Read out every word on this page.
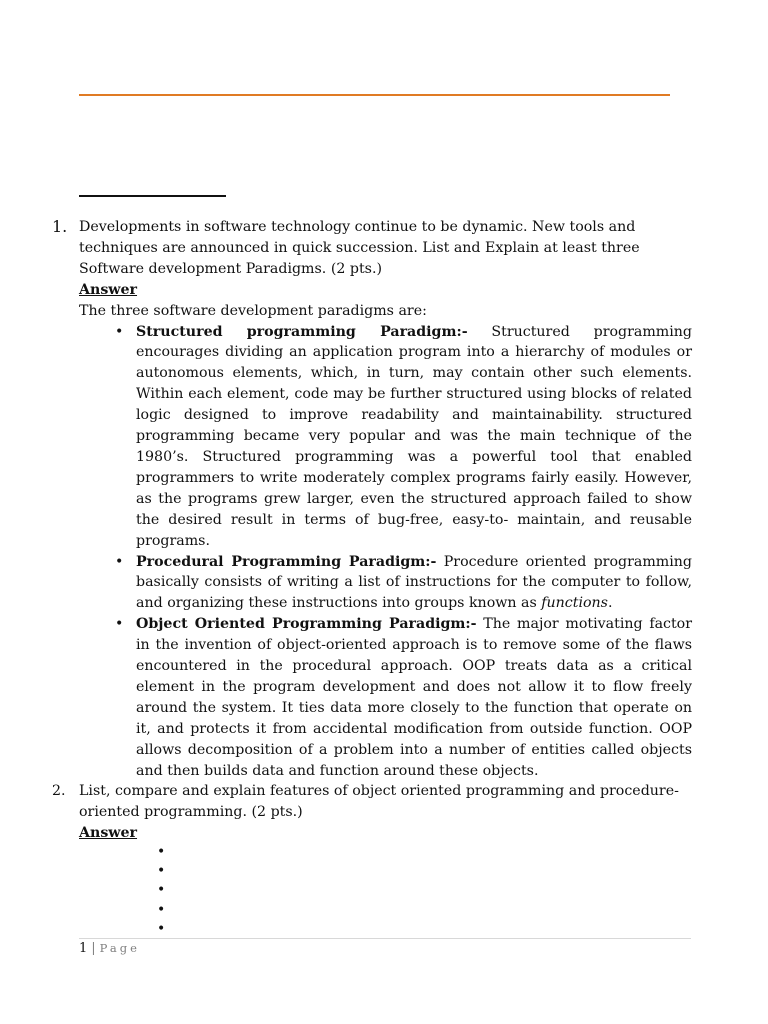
1. Developments in software technology continue to be dynamic. New tools and techniques are announced in quick succession. List and Explain at least three Software development Paradigms. (2 pts.)
Answer
The three software development paradigms are:
• Structured programming Paradigm:- Structured programming encourages dividing an application program into a hierarchy of modules or autonomous elements, which, in turn, may contain other such elements. Within each element, code may be further structured using blocks of related logic designed to improve readability and maintainability. structured programming became very popular and was the main technique of the 1980’s. Structured programming was a powerful tool that enabled programmers to write moderately complex programs fairly easily. However, as the programs grew larger, even the structured approach failed to show the desired result in terms of bug-free, easy-to- maintain, and reusable programs.
• Procedural Programming Paradigm:- Procedure oriented programming basically consists of writing a list of instructions for the computer to follow, and organizing these instructions into groups known as functions.
• Object Oriented Programming Paradigm:- The major motivating factor in the invention of object-oriented approach is to remove some of the flaws encountered in the procedural approach. OOP treats data as a critical element in the program development and does not allow it to flow freely around the system. It ties data more closely to the function that operate on it, and protects it from accidental modification from outside function. OOP allows decomposition of a problem into a number of entities called objects and then builds data and function around these objects.
2. List, compare and explain features of object oriented programming and procedure-oriented programming. (2 pts.)
Answer
•
•
•
•
•
1 | Page
